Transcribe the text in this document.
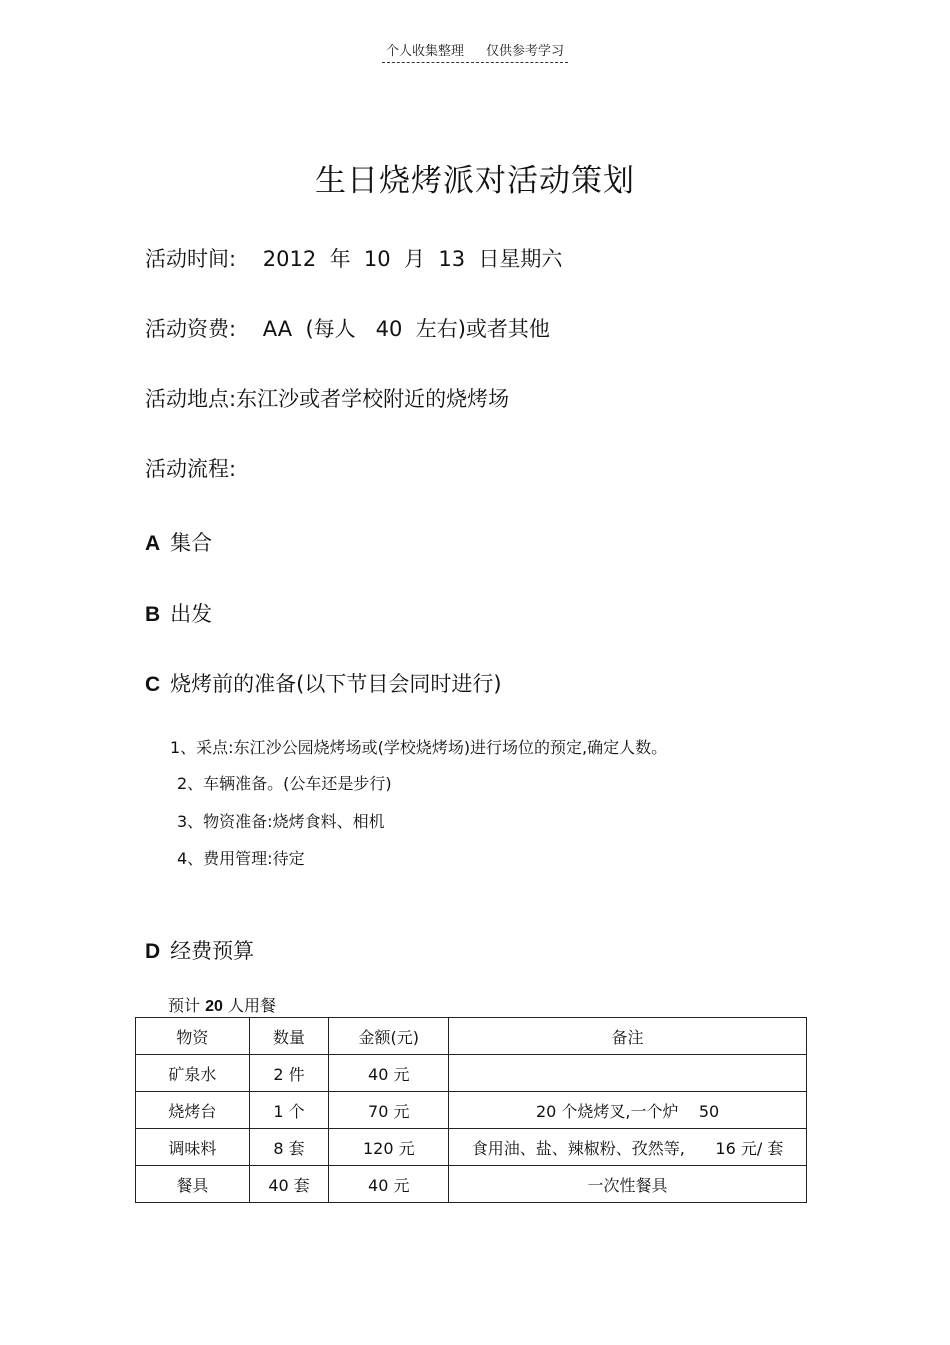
个人收集整理 仅供参考学习
生日烧烤派对活动策划
活动时间:    2012  年  10  月  13  日星期六
活动资费:    AA  (每人   40  左右)或者其他
活动地点:东江沙或者学校附近的烧烤场
活动流程:
A 集合
B 出发
C 烧烤前的准备(以下节目会同时进行)
1、采点:东江沙公园烧烤场或(学校烧烤场)进行场位的预定,确定人数。
2、车辆准备。(公车还是步行)
3、物资准备:烧烤食料、相机
4、费用管理:待定
D 经费预算
预计 20 人用餐
物资	数量	金额(元)	备注
矿泉水	2 件	40 元	
烧烤台	1 个	70 元	20 个烧烤叉,一个炉    50
调味料	8 套	120 元	食用油、盐、辣椒粉、孜然等,      16 元/ 套
餐具	40 套	40 元	一次性餐具
